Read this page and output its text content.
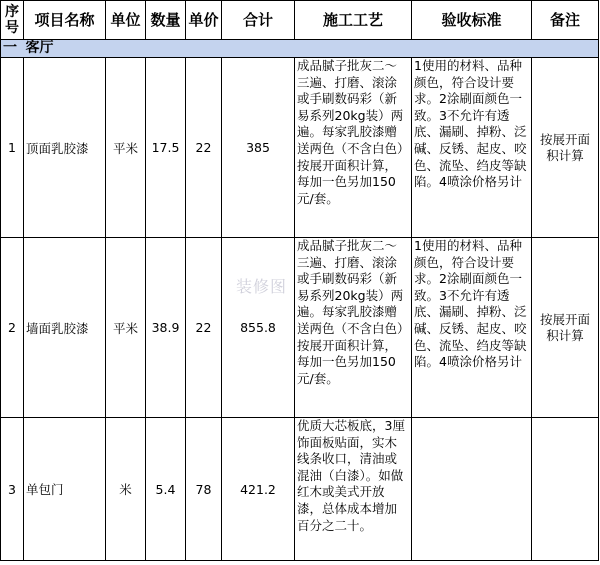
序号	项目名称	单位	数量	单价	合计	施工工艺	验收标准	备注
一	客厅							
1	顶面乳胶漆	平米	17.5	22	385	成品腻子批灰二～三遍、打磨、滚涂或手刷数码彩（新易系列20kg装）两遍。每家乳胶漆赠送两色（不含白色）按展开面积计算，每加一色另加150元/套。	1使用的材料、品种颜色，符合设计要求。2涂刷面颜色一致。3不允许有透底、漏刷、掉粉、泛碱、反锈、起皮、咬色、流坠、绉皮等缺陷。4喷涂价格另计	按展开面积计算
2	墙面乳胶漆	平米	38.9	22	855.8	成品腻子批灰二～三遍、打磨、滚涂或手刷数码彩（新易系列20kg装）两遍。每家乳胶漆赠送两色（不含白色）按展开面积计算，每加一色另加150元/套。	1使用的材料、品种颜色，符合设计要求。2涂刷面颜色一致。3不允许有透底、漏刷、掉粉、泛碱、反锈、起皮、咬色、流坠、绉皮等缺陷。4喷涂价格另计	按展开面积计算
3	单包门	米	5.4	78	421.2	优质大芯板底，3厘饰面板贴面，实木线条收口，清油或混油（白漆）。如做红木或美式开放漆，总体成本增加百分之二十。		
装修图
